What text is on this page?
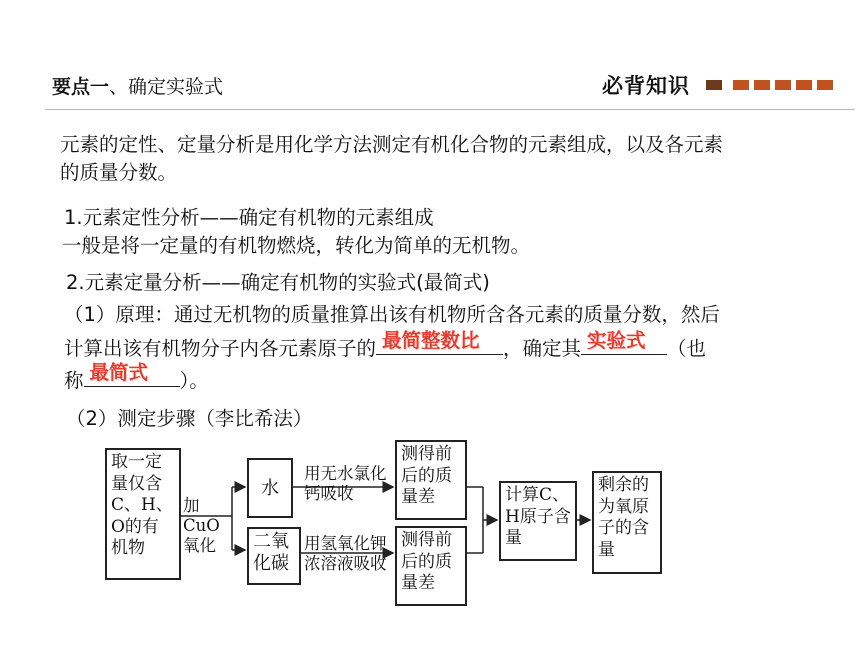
要点一、确定实验式	必背知识
元素的定性、定量分析是用化学方法测定有机化合物的元素组成，以及各元素
的质量分数。
1.元素定性分析——确定有机物的元素组成
一般是将一定量的有机物燃烧，转化为简单的无机物。
2.元素定量分析——确定有机物的实验式(最简式)
（1）原理：通过无机物的质量推算出该有机物所含各元素的质量分数，然后
计算出该有机物分子内各元素原子的 最简整数比 ，确定其 实验式 （也
称 最简式 ）。
（2）测定步骤（李比希法）
取一定量仅含C、H、O的有机物
加CuO氧化
水
二氧化碳
用无水氯化钙吸收
用氢氧化钾浓溶液吸收
测得前后的质量差
测得前后的质量差
计算C、H原子含量
剩余的为氧原子的含量
